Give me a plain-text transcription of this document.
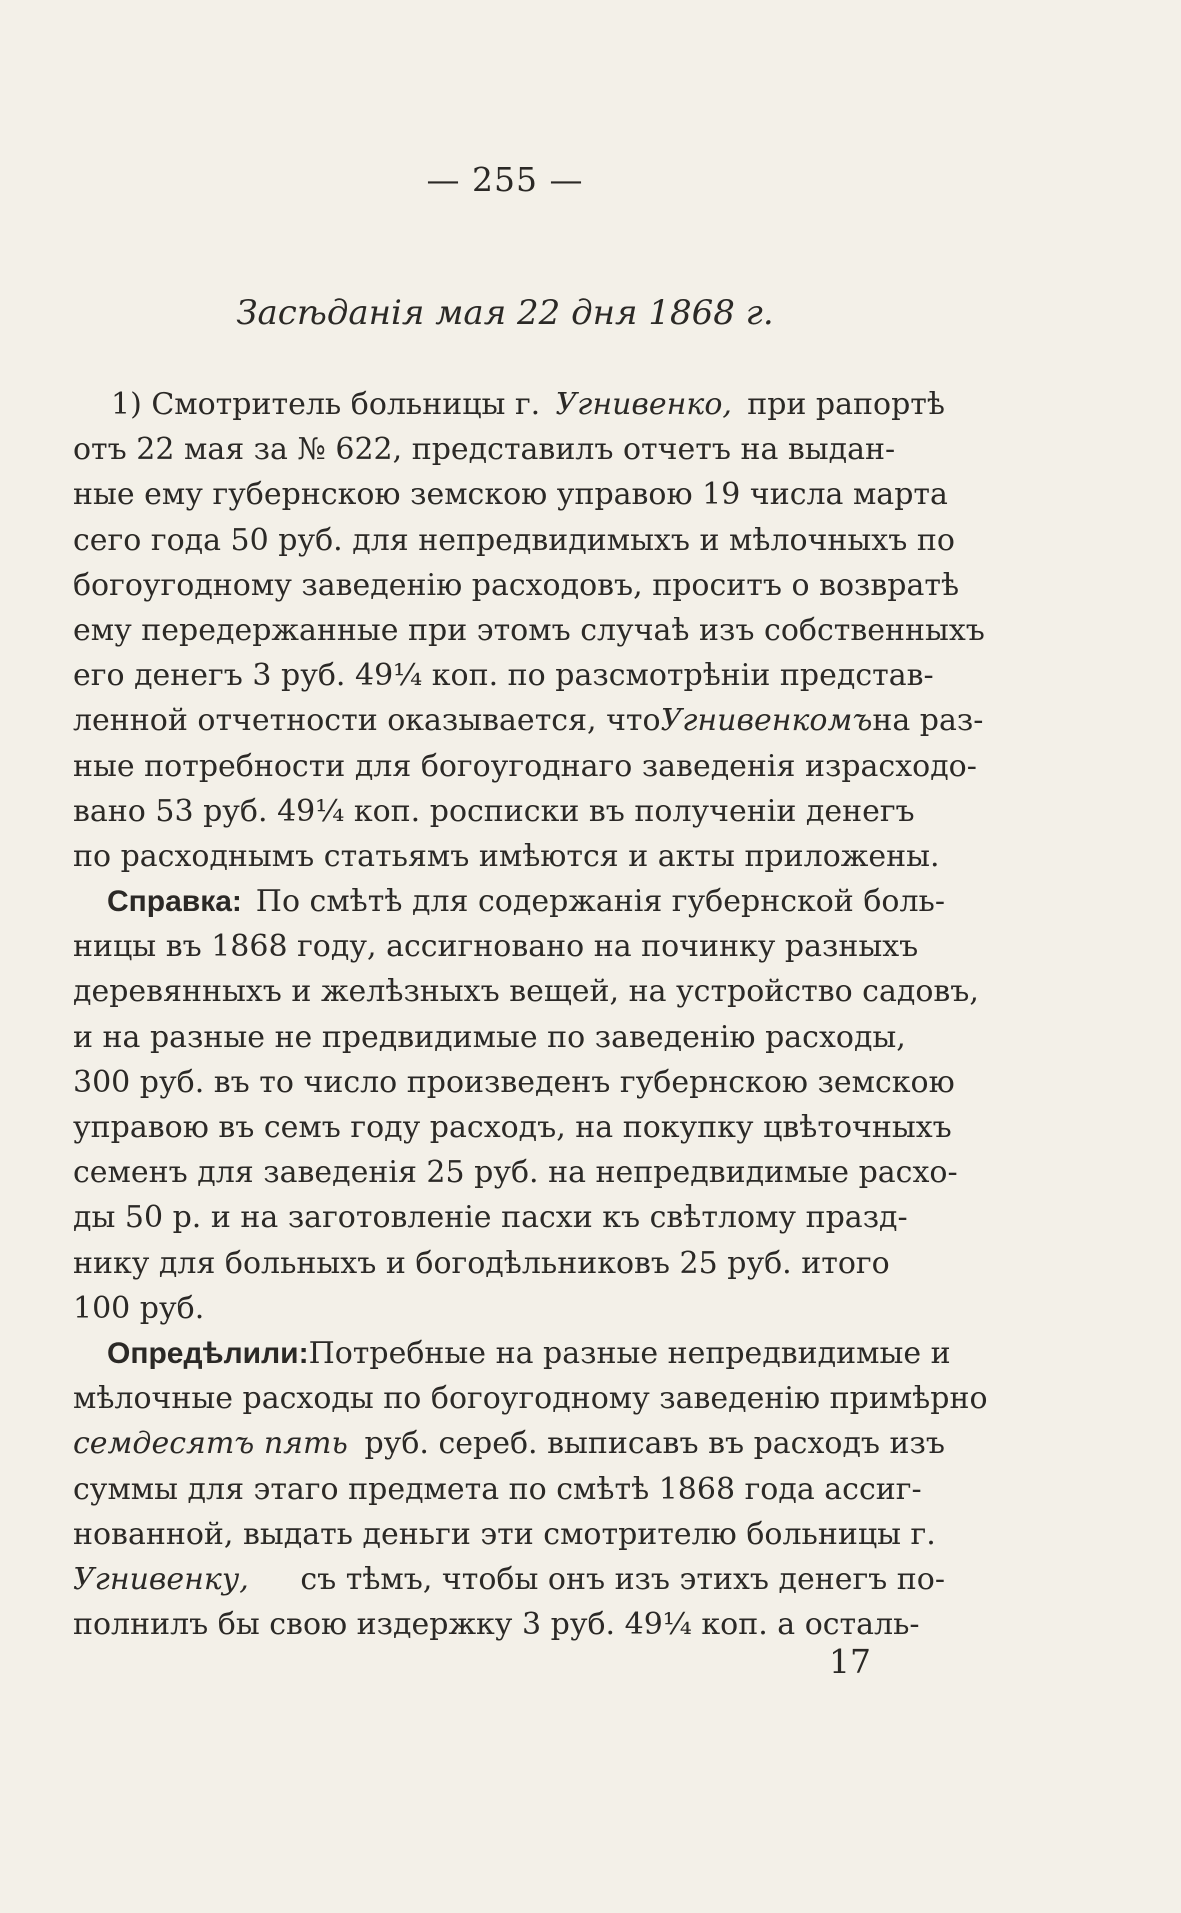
— 255 —
Засѣданія мая 22 дня 1868 г.
1) Смотритель больницы г. Угнивенко, при рапортѣ
отъ 22 мая за № 622, представилъ отчетъ на выдан-
ные ему губернскою земскою управою 19 числа марта
сего года 50 руб. для непредвидимыхъ и мѣлочныхъ по
богоугодному заведенію расходовъ, проситъ о возвратѣ
ему передержанные при этомъ случаѣ изъ собственныхъ
его денегъ 3 руб. 49¼ коп. по разсмотрѣніи представ-
ленной отчетности оказывается, что Угнивенкомъ на раз-
ные потребности для богоугоднаго заведенія израсходо-
вано 53 руб. 49¼ коп. росписки въ полученіи денегъ
по расходнымъ статьямъ имѣются и акты приложены.
Справка: По смѣтѣ для содержанія губернской боль-
ницы въ 1868 году, ассигновано на починку разныхъ
деревянныхъ и желѣзныхъ вещей, на устройство садовъ,
и на разные не предвидимые по заведенію расходы,
300 руб. въ то число произведенъ губернскою земскою
управою въ семъ году расходъ, на покупку цвѣточныхъ
семенъ для заведенія 25 руб. на непредвидимые расхо-
ды 50 р. и на заготовленіе пасхи къ свѣтлому празд-
нику для больныхъ и богодѣльниковъ 25 руб. итого
100 руб.
Опредѣлили: Потребные на разные непредвидимые и
мѣлочные расходы по богоугодному заведенію примѣрно
семдесятъ пять руб. сереб. выписавъ въ расходъ изъ
суммы для этаго предмета по смѣтѣ 1868 года ассиг-
нованной, выдать деньги эти смотрителю больницы г.
Угнивенку, съ тѣмъ, чтобы онъ изъ этихъ денегъ по-
полнилъ бы свою издержку 3 руб. 49¼ коп. а осталь-
17
